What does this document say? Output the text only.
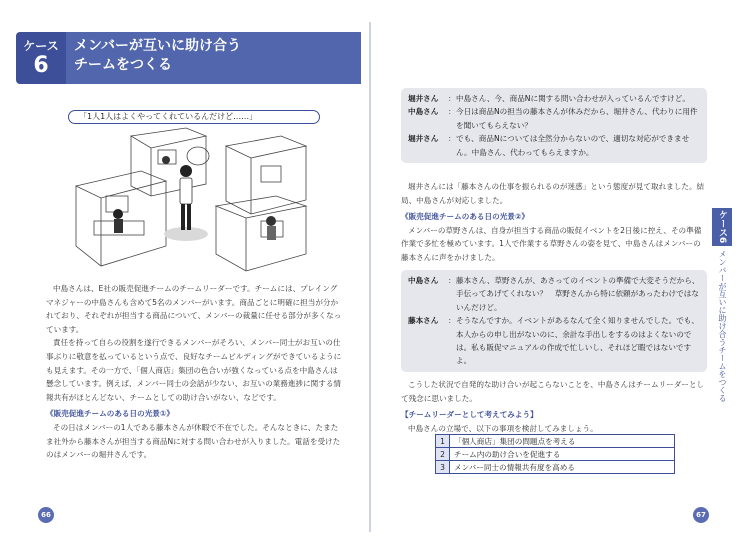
ケース
6
メンバーが互いに助け合う
チームをつくる
「1人1人はよくやってくれているんだけど……」

中島さんは、E社の販売促進チームのチームリーダーです。チームには、プレイングマネジャーの中島さんも含めて5名のメンバーがいます。商品ごとに明確に担当が分かれており、それぞれが担当する商品について、メンバーの裁量に任せる部分が多くなっています。

責任を持って自らの役割を遂行できるメンバーがそろい、メンバー同士がお互いの仕事ぶりに敬意を払っているという点で、良好なチームビルディングができているようにも見えます。その一方で、「個人商店」集団の色合いが強くなっている点を中島さんは懸念しています。例えば、メンバー同士の会話が少ない、お互いの業務進捗に関する情報共有がほとんどない、チームとしての助け合いがない、などです。

《販売促進チームのある日の光景①》

その日はメンバーの1人である藤本さんが休暇で不在でした。そんなときに、たまたま社外から藤本さんが担当する商品Nに対する問い合わせが入りました。電話を受けたのはメンバーの堀井さんです。

66
堀井さん	： 中島さん、今、商品Nに関する問い合わせが入っているんですけど。
中島さん	： 今日は商品Nの担当の藤本さんが休みだから、堀井さん、代わりに用件を聞いてもらえない？
堀井さん	： でも、商品Nについては全然分からないので、適切な対応ができません。中島さん、代わってもらえますか。

堀井さんには「藤本さんの仕事を振られるのが迷惑」という態度が見て取れました。結局、中島さんが対応しました。

《販売促進チームのある日の光景②》

メンバーの草野さんは、自身が担当する商品の販促イベントを2日後に控え、その準備作業で多忙を極めています。1人で作業する草野さんの姿を見て、中島さんはメンバーの藤本さんに声をかけました。

中島さん	： 藤本さん、草野さんが、あさってのイベントの準備で大変そうだから、手伝ってあげてくれない？　草野さんから特に依頼があったわけではないんだけど。
藤本さん	： そうなんですか。イベントがあるなんて全く知りませんでした。でも、本人からの申し出がないのに、余計な手出しをするのはよくないのでは。私も販促マニュアルの作成で忙しいし、それほど暇ではないですよ。

こうした状況で自発的な助け合いが起こらないことを、中島さんはチームリーダーとして残念に思いました。

【チームリーダーとして考えてみよう】

中島さんの立場で、以下の事項を検討してみましょう。

1	「個人商店」集団の問題点を考える
2	チーム内の助け合いを促進する
3	メンバー同士の情報共有度を高める
ケース6
メンバーが互いに助け合うチームをつくる
67
